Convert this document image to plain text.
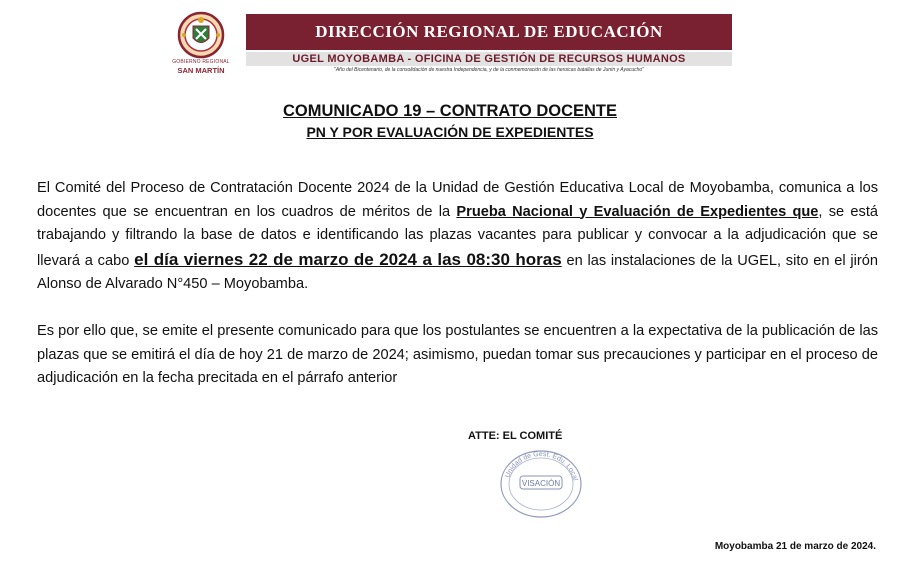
GOBIERNO REGIONAL
SAN MARTÍN
DIRECCIÓN REGIONAL DE EDUCACIÓN
UGEL MOYOBAMBA - OFICINA DE GESTIÓN DE RECURSOS HUMANOS
"Año del Bicentenario, de la consolidación de nuestra Independencia, y de la conmemoración de las heroicas batallas de Junín y Ayacucho"
COMUNICADO 19 – CONTRATO DOCENTE
PN Y POR EVALUACIÓN DE EXPEDIENTES
El Comité del Proceso de Contratación Docente 2024 de la Unidad de Gestión Educativa Local de Moyobamba, comunica a los docentes que se encuentran en los cuadros de méritos de la Prueba Nacional y Evaluación de Expedientes que, se está trabajando y filtrando la base de datos e identificando las plazas vacantes para publicar y convocar a la adjudicación que se llevará a cabo el día viernes 22 de marzo de 2024 a las 08:30 horas en las instalaciones de la UGEL, sito en el jirón Alonso de Alvarado N°450 – Moyobamba.
Es por ello que, se emite el presente comunicado para que los postulantes se encuentren a la expectativa de la publicación de las plazas que se emitirá el día de hoy 21 de marzo de 2024; asimismo, puedan tomar sus precauciones y participar en el proceso de adjudicación en la fecha precitada en el párrafo anterior
ATTE: EL COMITÉ
Unidad de Gest. Edu. Local
VISACIÓN
Moyobamba 21 de marzo de 2024.
